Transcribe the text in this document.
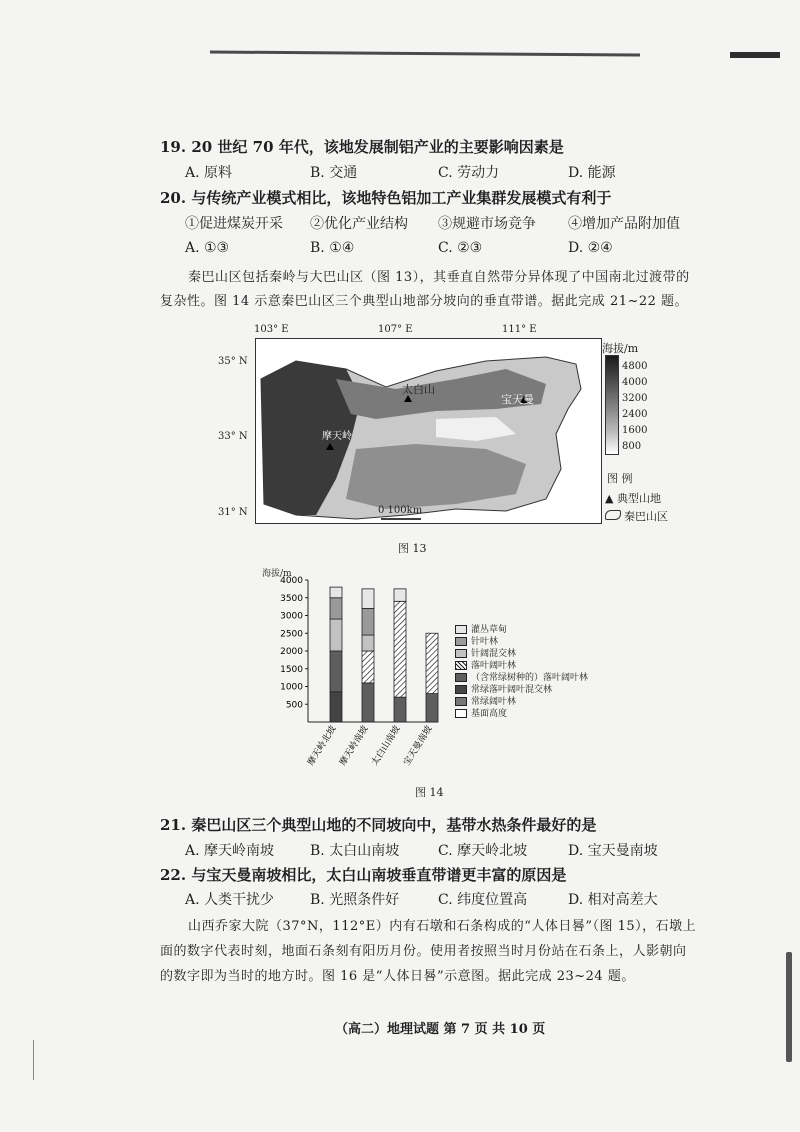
19. 20 世纪 70 年代，该地发展制铝产业的主要影响因素是
A. 原料	B. 交通	C. 劳动力	D. 能源
20. 与传统产业模式相比，该地特色铝加工产业集群发展模式有利于
①促进煤炭开采 ②优化产业结构 ③规避市场竞争 ④增加产品附加值
A. ①③	B. ①④	C. ②③	D. ②④
秦巴山区包括秦岭与大巴山区（图 13），其垂直自然带分异体现了中国南北过渡带的
复杂性。图 14 示意秦巴山区三个典型山地部分坡向的垂直带谱。据此完成 21~22 题。
103° E	107° E	111° E
35° N
33° N
31° N
太白山
宝天曼
摩天岭
0 100km
海拔/m
4800
4000
3200
2400
1600
800
图 例
▲ 典型山地
秦巴山区
图 13
500
1000
1500
2000
2500
3000
3500
4000
摩天岭北坡 摩天岭南坡 太白山南坡 宝天曼南坡
海拔/m
灌丛草甸
针叶林
针阔混交林
落叶阔叶林
（含常绿树种的）落叶阔叶林
常绿落叶阔叶混交林
常绿阔叶林
基面高度
图 14
21. 秦巴山区三个典型山地的不同坡向中，基带水热条件最好的是
A. 摩天岭南坡	B. 太白山南坡	C. 摩天岭北坡	D. 宝天曼南坡
22. 与宝天曼南坡相比，太白山南坡垂直带谱更丰富的原因是
A. 人类干扰少	B. 光照条件好	C. 纬度位置高	D. 相对高差大
山西乔家大院（37°N，112°E）内有石墩和石条构成的“人体日晷”（图 15），石墩上
面的数字代表时刻，地面石条刻有阳历月份。使用者按照当时月份站在石条上，人影朝向
的数字即为当时的地方时。图 16 是“人体日晷”示意图。据此完成 23~24 题。
（高二）地理试题 第 7 页 共 10 页
